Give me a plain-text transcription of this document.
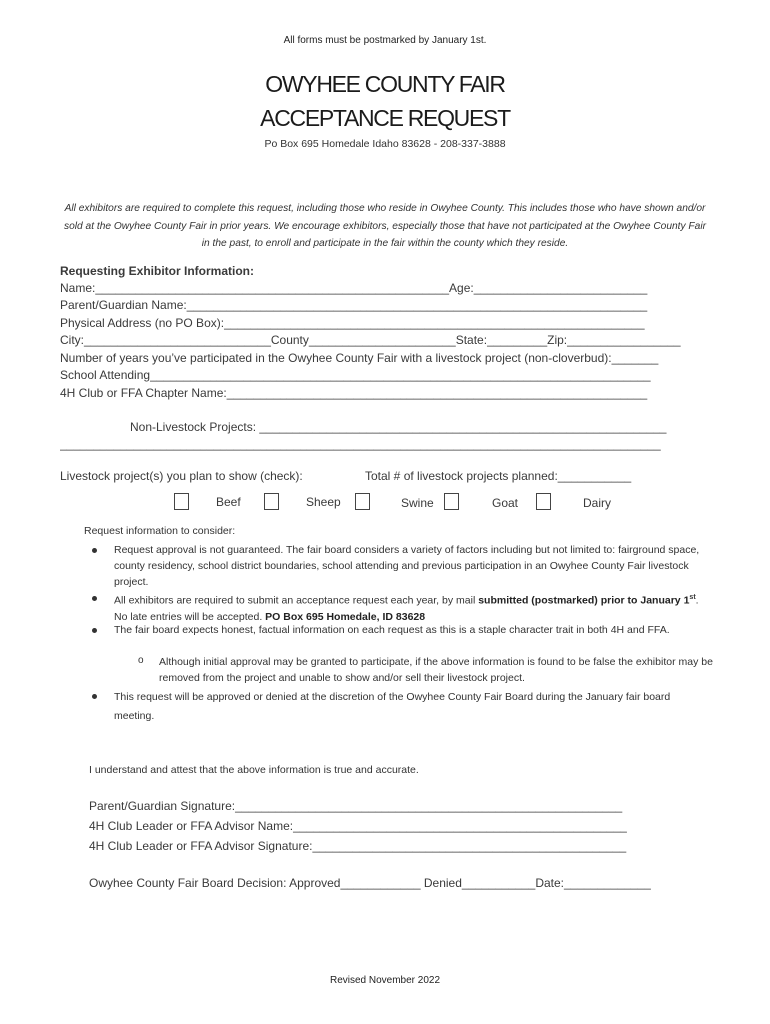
All forms must be postmarked by January 1st.
OWYHEE COUNTY FAIR
ACCEPTANCE REQUEST
Po Box 695 Homedale Idaho 83628 - 208-337-3888
All exhibitors are required to complete this request, including those who reside in Owyhee County. This includes those who have shown and/or sold at the Owyhee County Fair in prior years. We encourage exhibitors, especially those that have not participated at the Owyhee County Fair in the past, to enroll and participate in the fair within the county which they reside.
Requesting Exhibitor Information:
Name:_____________________________________________________Age:__________________________
Parent/Guardian Name:_____________________________________________________________________
Physical Address (no PO Box):_______________________________________________________________
City:____________________________County______________________State:_________Zip:_________________
Number of years you’ve participated in the Owyhee County Fair with a livestock project (non-cloverbud):_______
School Attending___________________________________________________________________________
4H Club or FFA Chapter Name:_______________________________________________________________
Non-Livestock Projects: _____________________________________________________________
__________________________________________________________________________________________
Livestock project(s) you plan to show (check):	Total # of livestock projects planned:___________
Beef	Sheep	Swine	Goat	Dairy
Request information to consider:
Request approval is not guaranteed. The fair board considers a variety of factors including but not limited to: fairground space, county residency, school district boundaries, school attending and previous participation in an Owyhee County Fair livestock project.
All exhibitors are required to submit an acceptance request each year, by mail submitted (postmarked) prior to January 1st. No late entries will be accepted. PO Box 695 Homedale, ID 83628
The fair board expects honest, factual information on each request as this is a staple character trait in both 4H and FFA.
o Although initial approval may be granted to participate, if the above information is found to be false the exhibitor may be removed from the project and unable to show and/or sell their livestock project.
This request will be approved or denied at the discretion of the Owyhee County Fair Board during the January fair board meeting.
I understand and attest that the above information is true and accurate.
Parent/Guardian Signature:__________________________________________________________
4H Club Leader or FFA Advisor Name:__________________________________________________
4H Club Leader or FFA Advisor Signature:_______________________________________________
Owyhee County Fair Board Decision: Approved____________ Denied___________Date:_____________
Revised November 2022
